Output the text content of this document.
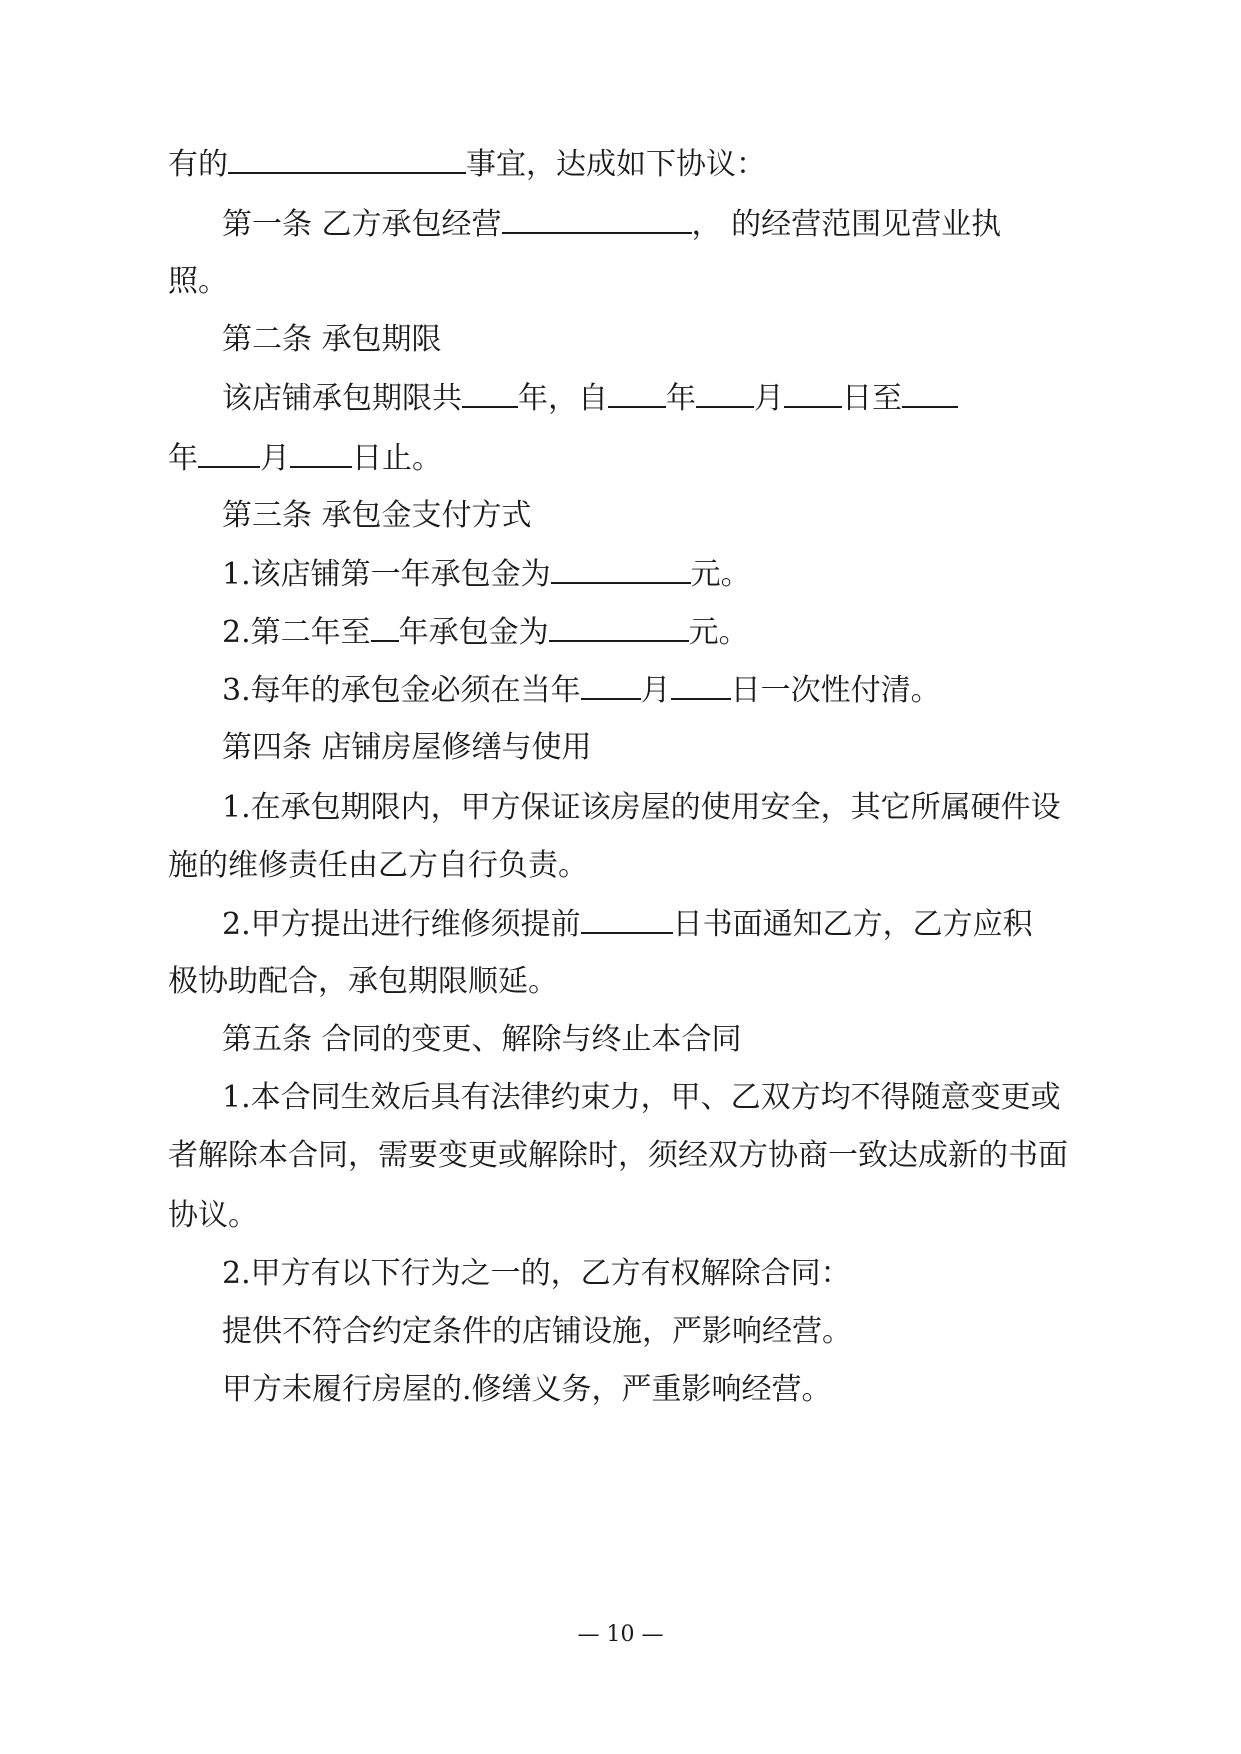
有的	事宜，达成如下协议：
第一条 乙方承包经营	， 的经营范围见营业执
照。
第二条 承包期限
该店铺承包期限共 年，自 年 月 日至
年 月 日止。
第三条 承包金支付方式
1.该店铺第一年承包金为	元。
2.第二年至 年承包金为	元。
3.每年的承包金必须在当年 月 日一次性付清。
第四条 店铺房屋修缮与使用
1.在承包期限内，甲方保证该房屋的使用安全，其它所属硬件设
施的维修责任由乙方自行负责。
2.甲方提出进行维修须提前	日书面通知乙方，乙方应积
极协助配合，承包期限顺延。
第五条 合同的变更、解除与终止本合同
1.本合同生效后具有法律约束力，甲、乙双方均不得随意变更或
者解除本合同，需要变更或解除时，须经双方协商一致达成新的书面
协议。
2.甲方有以下行为之一的，乙方有权解除合同：
提供不符合约定条件的店铺设施，严影响经营。
甲方未履行房屋的.修缮义务，严重影响经营。
— 10 —
